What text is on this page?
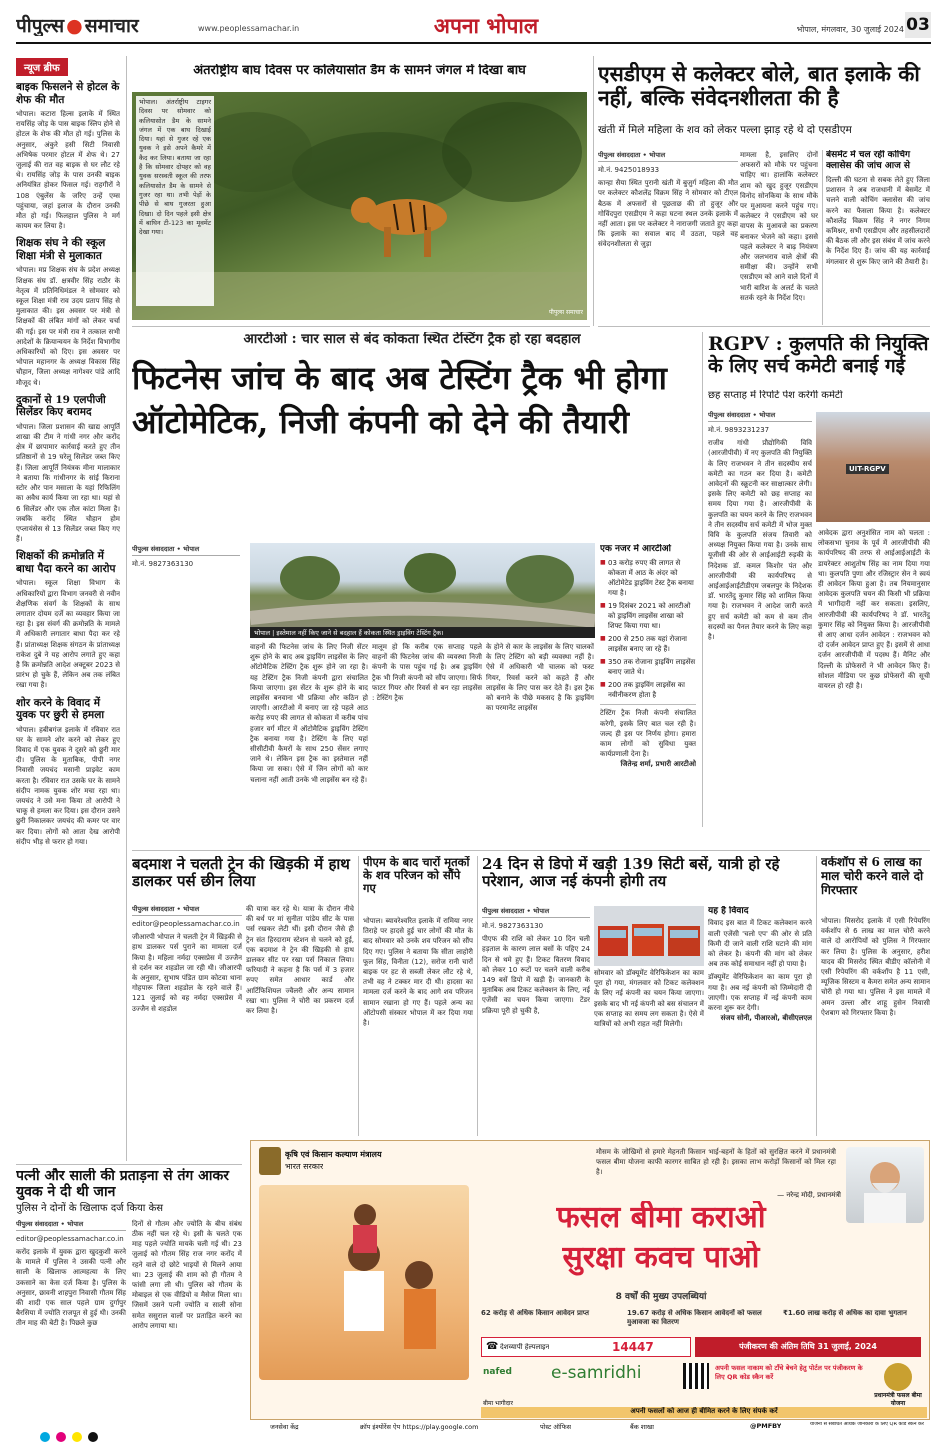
पीपुल्स ● समाचार	www.peoplessamachar.in	अपना भोपाल	भोपाल, मंगलवार, 30 जुलाई 2024 03
न्यूज ब्रीफ
बाइक फिसलने से होटल के शेफ की मौत
भोपाल। कटारा हिल्स इलाके में स्थित रायसिंह जोड़ के पास बाइक स्लिप होने से होटल के शेफ की मौत हो गई। पुलिस के अनुसार, अंकुरे हसी सिटी निवासी अभिषेक परमार होटल में शेफ थे। 27 जुलाई की रात वह बाइक से घर लौट रहे थे। रायसिंह जोड़ के पास उनकी बाइक अनियंत्रित होकर फिसल गई। राहगीरों ने 108 एंबुलेंस के जरिए उन्हें एम्स पहुंचाया, जहां इलाज के दौरान उनकी मौत हो गई। फिलहाल पुलिस ने मर्ग कायम कर लिया है।
शिक्षक संघ ने की स्कूल शिक्षा मंत्री से मुलाकात
भोपाल। मप्र शिक्षक संघ के प्रदेश अध्यक्ष शिक्षक संघ डॉ. क्षत्रवीर सिंह राठौर के नेतृत्व में प्रतिनिधिमंडल ने सोमवार को स्कूल शिक्षा मंत्री राव उदय प्रताप सिंह से मुलाकात की। इस अवसर पर मंत्री से शिक्षकों की लंबित मांगों को लेकर चर्चा की गई। इस पर मंत्री राव ने तत्काल सभी आदेशों के क्रियान्वयन के निर्देश विभागीय अधिकारियों को दिए। इस अवसर पर भोपाल महानगर के अध्यक्ष विकास सिंह चौहान, जिला अध्यक्ष नागेश्वर पांडे आदि मौजूद थे।
दुकानों से 19 एलपीजी सिलेंडर किए बरामद
भोपाल। जिला प्रशासन की खाद्य आपूर्ति शाखा की टीम ने गांधी नगर और करोंद क्षेत्र में छापामार कार्रवाई करते हुए तीन प्रतिष्ठानों से 19 घरेलू सिलेंडर जब्त किए हैं। जिला आपूर्ति नियंत्रक मीना मालाकार ने बताया कि गांधीनगर के सांई किराना स्टोर और पान मसाला के यहां रिफिलिंग का अवैध कार्य किया जा रहा था। यहां से 6 सिलेंडर और एक तौल कांटा मिला है। जबकि करोंद स्थित चौहान होम एप्लायंसेस से 13 सिलेंडर जब्त किए गए हैं।
शिक्षकों की क्रमोन्नति में बाधा पैदा करने का आरोप
भोपाल। स्कूल शिक्षा विभाग के अधिकारियों द्वारा विभाग जनवरी से नवीन शैक्षणिक संवर्ग के शिक्षकों के साथ लगातार दोयम दर्जे का व्यवहार किया जा रहा है। इस संवर्ग की क्रमोन्नति के मामले में अधिकारी लगातार बाधा पैदा कर रहे हैं। प्रांताध्यक्ष शिक्षक संगठन के प्रांताध्यक्ष राकेश दुबे ने यह आरोप लगाते हुए कहा है कि क्रमोन्नति आदेश अक्टूबर 2023 से प्रारंभ हो चुके हैं, लेकिन अब तक लंबित रखा गया है।
शोर करने के विवाद में युवक पर छुरी से हमला
भोपाल। हबीबगंज इलाके में रविवार रात घर के सामने शोर करने को लेकर हुए विवाद में एक युवक ने दूसरे को छुरी मार दी। पुलिस के मुताबिक, पीपी नगर निवासी जयचंद मसानी प्राइवेट काम करता है। रविवार रात उसके घर के सामने संदीप नामक युवक शोर मचा रहा था। जयचंद ने उसे मना किया तो आरोपी ने चाकू से हमला कर दिया। इस दौरान उसने छुरी निकालकर जयचंद की कमर पर वार कर दिया। लोगों को आता देख आरोपी संदीप भीड़ से फरार हो गया।
अंतर्राष्ट्रीय बाघ दिवस पर कलियासोत डैम के सामने जंगल में दिखा बाघ
भोपाल। अंतर्राष्ट्रीय टाइगर दिवस पर सोमवार को कलियासोत डैम के सामने जंगल में एक बाघ दिखाई दिया। यहां से गुजर रहे एक युवक ने इसे अपने कैमरे में कैद कर लिया। बताया जा रहा है कि सोमवार दोपहर को वह युवक सरस्वती स्कूल की तरफ कलियासोत डैम के सामने से गुजर रहा था। तभी पेड़ों के पीछे से बाघ गुजरता हुआ दिखा। दो दिन पहले इसी क्षेत्र में बाघिन टी-123 का मूवमेंट देखा गया।
पीपुल्स समाचार
एसडीएम से कलेक्टर बोले, बात इलाके की नहीं, बल्कि संवेदनशीलता की है
खंती में मिले महिला के शव को लेकर पल्ला झाड़ रहे थे दो एसडीएम
पीपुल्स संवाददाता • भोपाल
मो.नं. 9425018933
कान्हा सैया स्थित पुरानी खंती में बुजुर्ग महिला की मौत पर कलेक्टर कौशलेंद्र विक्रम सिंह ने सोमवार को टीएल बैठक में अफसरों से पूछताछ की तो हुजूर और गोविंदपुरा एसडीएम ने कहा घटना स्थल उनके इलाके में नहीं आता। इस पर कलेक्टर ने नाराजगी जताते हुए कहा कि इलाके का सवाल बाद में उठता, पहले वह संवेदनशीलता से जुड़ा
मामला है, इसलिए दोनों अफसरों को मौके पर पहुंचना चाहिए था। हालांकि कलेक्टर शाम को खुद हुजूर एसडीएम विनोद सोनकिया के साथ मौके पर मुआयना करने पहुंच गए। कलेक्टर ने एसडीएम को घर वापस के मुआवजे का प्रकरण बनाकर भेजने को कहा। इससे पहले कलेक्टर ने बाढ़ नियंत्रण और जलभराव वाले क्षेत्रों की समीक्षा की। उन्होंने सभी एसडीएम को आने वाले दिनों में भारी बारिश के अलर्ट के चलते सतर्क रहने के निर्देश दिए।
बेसमेंट में चल रहीं कोचिंग क्लासेस की जांच आज से
दिल्ली की घटना से सबक लेते हुए जिला प्रशासन ने अब राजधानी में बेसमेंट में चलने वाली कोचिंग क्लासेस की जांच करने का फैसला किया है। कलेक्टर कौशलेंद्र विक्रम सिंह ने नगर निगम कमिश्नर, सभी एसडीएम और तहसीलदारों की बैठक ली और इस संबंध में जांच करने के निर्देश दिए हैं। जांच की यह कार्रवाई मंगलवार से शुरू किए जाने की तैयारी है।
आरटीओ : चार साल से बंद कोकता स्थित टेस्टिंग ट्रैक हो रहा बदहाल
फिटनेस जांच के बाद अब टेस्टिंग ट्रैक भी होगा ऑटोमेटिक, निजी कंपनी को देने की तैयारी
पीपुल्स संवाददाता • भोपाल
मो.नं. 9827363130
वाहनों की फिटनेस जांच के लिए निजी सेंटर शुरू होने के बाद अब ड्राइविंग लाइसेंस के लिए ऑटोमैटिक टेस्टिंग ट्रैक शुरू होने जा रहा है। यह टेस्टिंग ट्रैक निजी कंपनी द्वारा संचालित किया जाएगा। इस सेंटर के शुरू होने के बाद लाइसेंस बनवाना भी प्रक्रिया और कठिन हो जाएगी। आरटीओ में बनाए जा रहे पहले आठ करोड़ रुपए की लागत से कोकता में करीब पांच हजार वर्ग मीटर में ऑटोमैटिक ड्राइविंग टेस्टिंग ट्रैक बनाया गया है। टेस्टिंग के लिए यहां सीसीटीवी कैमरों के साथ 250 सेंसर लगाए जाने थे। लेकिन इस ट्रैक का इस्तेमाल नहीं किया जा सका। ऐसे में जिन लोगों को कार चलाना नहीं आती उनके भी लाइसेंस बन रहे हैं।
भोपाल | इस्तेमाल नहीं किए जाने से बदहाल हैं कोकता स्थित ड्राइविंग टेस्टिंग ट्रैक।
मालूम हो कि करीब एक सप्ताह पहले वाहनों की फिटनेस जांच की व्यवस्था निजी कंपनी के पास पहुंच गई है। अब ड्राइविंग ट्रैक भी निजी कंपनी को सौंप जाएगा। सिर्फ फाटर गियर और रिवर्स से बन रहा लाइसेंस : टेस्टिंग ट्रैक
के होने से कार के लाइसेंस के लिए चालकों के लिए टेस्टिंग को बड़ी व्यवस्था नहीं है। ऐसे में अधिकारी भी चालक को फस्ट गियर, रिवर्स करने को कहते हैं और लाइसेंस के लिए पास कर देते हैं। इस ट्रैक को बनाने के पीछे मकसद है कि ड्राइविंग का परमानेंट लाइसेंस
एक नजर में आरटीओ
■ 03 करोड़ रुपए की लागत से कोकता में आठ के अंदर को ऑटोमेटेड ड्राइविंग टेस्ट ट्रैक बनाया गया है।
■ 19 दिसंबर 2021 को आरटीओ को ड्राइविंग लाइसेंस शाखा को शिफ्ट किया गया था।
■ 200 से 250 तक यहां रोजाना लाइसेंस बनाए जा रहे हैं।
■ 350 तक रोजाना ड्राइविंग लाइसेंस बनाए जाते थे।
■ 200 तक ड्राइविंग लाइसेंस का नवीनीकरण होता है
टेस्टिंग ट्रैक निजी कंपनी संचालित करेगी, इसके लिए बात चल रही है। जल्द ही इस पर निर्णय होगा। हमारा काम लोगों को सुविधा युक्त कार्यप्रणाली देना है।
जितेन्द्र शर्मा, प्रभारी आरटीओ
RGPV : कुलपति की नियुक्ति के लिए सर्च कमेटी बनाई गई
छह सप्ताह में रिपोर्ट पेश करेगी कमेटी
पीपुल्स संवाददाता • भोपाल
मो.नं. 9893231237
राजीव गांधी प्रौद्योगिकी विवि (आरजीपीवी) में नए कुलपति की नियुक्ति के लिए राजभवन ने तीन सदस्यीय सर्च कमेटी का गठन कर दिया है। कमेटी आवेदनों की स्क्रूटनी कर साक्षात्कार लेगी। इसके लिए कमेटी को छह सप्ताह का समय दिया गया है। आरजीपीवी के कुलपति का चयन करने के लिए राजभवन ने तीन सदस्यीय सर्च कमेटी में भोज मुक्त विवि के कुलपति संजय तिवारी को अध्यक्ष नियुक्त किया गया है। उनके साथ यूजीसी की ओर से आईआईटी रुड़की के निदेशक डॉ. कमल किशोर पंत और आरजीपीवी की कार्यपरिषद से आईआईआईटीडीएम जबलपुर के निदेशक डॉ. भारतेंदु कुमार सिंह को शामिल किया गया है। राजभवन ने आदेश जारी करते हुए सर्च कमेटी को कम से कम तीन सदस्यों का पैनल तैयार करने के लिए कहा है।
UIT-RGPV
आवेदक द्वारा अनुशंसित नाम को चलता : लोकसभा चुनाव के पूर्व में आरजीपीवी की कार्यपरिषद की तरफ से आईआईआईटी के डायरेक्टर आशुतोष सिंह का नाम दिया गया था। कुलपति पुणा और रजिस्ट्रार सेन ने स्वयं ही आवेदन किया हुआ है। तब नियमानुसार आवेदक कुलपति चयन की किसी भी प्रक्रिया में भागीदारी नहीं कर सकता। इसलिए, आरजीपीवी की कार्यपरिषद ने डॉ. भारतेंदु कुमार सिंह को नियुक्त किया है। आरजीपीवी से आए आधा दर्जन आवेदन : राजभवन को दो दर्जन आवेदन प्राप्त हुए हैं। इसमें से आधा दर्जन आरजीपीवी में पदस्थ हैं। मैनिट और दिल्ली के प्रोफेसरों ने भी आवेदन किए हैं। सोशल मीडिया पर कुछ प्रोफेसरों की सूची वायरल हो रही है।
बदमाश ने चलती ट्रेन की खिड़की में हाथ डालकर पर्स छीन लिया
पीपुल्स संवाददाता • भोपाल
editor@peoplessamachar.co.in
जीआरपी भोपाल ने चलती ट्रेन में खिड़की से हाथ डालकर पर्स पुराने का मामला दर्ज किया है। महिला नर्मदा एक्सप्रेस में उज्जैन से दर्शन कर शहडोल जा रही थी। जीआरपी के अनुसार, सुभाष पंडित ग्राम कोटवा थाना गोहपारू जिला शहडोल के रहने वाले हैं। 121 जुलाई को वह नर्मदा एक्सप्रेस में उज्जैन से शहडोल
की यात्रा कर रहे थे। यात्रा के दौरान नीचे की बर्थ पर मां सुनीता पांडेय सीट के पास पर्स रखकर लेटी थीं। इसी दौरान जैसे ही ट्रेन संत हिरदाराम स्टेशन से चलने को हुई, एक बदमाश ने ट्रेन की खिड़की से हाथ डालकर सीट पर रखा पर्स निकाल लिया। फरियादी ने कहना है कि पर्स में 3 हजार रुपए समेत आधार कार्ड और आर्टिफिशियल ज्वैलरी और अन्य सामान रखा था। पुलिस ने चोरी का प्रकरण दर्ज कर लिया है।
पीएम के बाद चारों मृतकों के शव परिजन को सौंपे गए
भोपाल। ब्यावरेश्वरित इलाके में रामिया नगर तिराहे पर हादसे हुई चार लोगों की मौत के बाद सोमवार को उनके शव परिजन को सौंप दिए गए। पुलिस ने बताया कि सीता लाहोरी फूल सिंह, विनीता (12), सरोज रानी चारों बाइक पर हट से सब्जी लेकर लौट रहे थे, तभी वह ने टक्कर मार दी थी। हादसा का मामला दर्ज करने के बाद आगे शव परिजन सामान रखाना हो गए हैं। पहले अन्य का ऑटोपसी संस्कार भोपाल में कर दिया गया है।
24 दिन से डिपो में खड़ी 139 सिटी बसें, यात्री हो रहे परेशान, आज नई कंपनी होगी तय
पीपुल्स संवाददाता • भोपाल
मो.नं. 9827363130
पीएफ की राशि को लेकर 10 दिन चली हड़ताल के कारण लाल बसों के पहिए 24 दिन से थमे हुए हैं। टिकट वितरण विवाद को लेकर 10 रूटों पर चलने वाली करीब 149 बसें डिपो में खड़ी हैं। जानकारी के मुताबिक अब टिकट कलेक्शन के लिए, नई एजेंसी का चयन किया जाएगा। टेंडर प्रक्रिया पूरी हो चुकी है,
सोमवार को डॉक्यूमेंट वेरिफिकेशन का काम पूरा हो गया, मंगलवार को टिकट कलेक्शन के लिए नई कंपनी का चयन किया जाएगा। इसके बाद भी नई कंपनी को बस संचालन में एक सप्ताह का समय लग सकता है। ऐसे में यात्रियों को अभी राहत नहीं मिलेगी।
यह है विवाद
विवाद इस बात में टिकट कलेक्शन करने वाली एजेंसी 'चलो एप' की ओर से प्रति किमी दी जाने वाली राशि घटाने की मांग को लेकर है। कंपनी की मांग को लेकर अब तक कोई समाधान नहीं हो पाया है।
डॉक्यूमेंट वेरिफिकेशन का काम पूरा हो गया है। अब नई कंपनी को जिम्मेदारी दी जाएगी। एक सप्ताह में नई कंपनी काम करना शुरू कर देगी।
संजय सोनी, पीआरओ, बीसीएलएल
वर्कशॉप से 6 लाख का माल चोरी करने वाले दो गिरफ्तार
भोपाल। मिसरोद इलाके में एसी रिपेयरिंग वर्कशॉप से 6 लाख का माल चोरी करने वाले दो आरोपियों को पुलिस ने गिरफ्तार कर लिया है। पुलिस के अनुसार, हरीश यादव की मिसरोद स्थित बीडीए कॉलोनी में एसी रिपेयरिंग की वर्कशॉप है 11 एसी, म्यूजिक सिस्टम व कैमरा समेत अन्य सामान चोरी हो गया था। पुलिस ने इस मामले में अमन उल्ला और शाहू हुसेन निवासी ऐशबाग को गिरफ्तार किया है।
कृषि एवं किसान कल्याण मंत्रालय
भारत सरकार
मौसम के जोखिमों से हमारे मेहनती किसान भाई-बहनों के हितों को सुरक्षित करने में प्रधानमंत्री फसल बीमा योजना काफी कारगर साबित हो रही है। इसका लाभ करोड़ों किसानों को मिल रहा है।
— नरेन्द्र मोदी, प्रधानमंत्री
फसल बीमा कराओ
सुरक्षा कवच पाओ
8 वर्षों की मुख्य उपलब्धियां
62 करोड़ से अधिक किसान आवेदन प्राप्त	19.67 करोड़ से अधिक किसान आवेदनों को फसल मुआवजा का वितरण
₹1.60 लाख करोड़ से अधिक का दावा भुगतान
☎ देशव्यापी हेल्पलाइन	14447	पंजीकरण की अंतिम तिथि 31 जुलाई, 2024
nafed e-samridhi	अपनी फसल नाकाम को टाँचे बेचने हेतु पोर्टल पर पंजीकरण के लिए QR कोड स्कैन करें
प्रधानमंत्री फसल बीमा योजना
बीमा भागीदार
अपनी फसलों को आज ही बीमित करने के लिए संपर्क करें
जनसेवा केंद्र	क्रॉप इंश्योरेंस ऐप https://play.google.com	पोस्ट ऑफिस	बैंक शाखा	@PMFBY	योजना से संबंधित अधिक जानकारी के लिए QR कोड स्कैन करें
पत्नी और साली की प्रताड़ना से तंग आकर युवक ने दी थी जान
पुलिस ने दोनों के खिलाफ दर्ज किया केस
पीपुल्स संवाददाता • भोपाल
editor@peoplessamachar.co.in
करोंद इलाके में युवक द्वारा खुदकुशी करने के मामले में पुलिस ने उसकी पत्नी और साली के खिलाफ आत्महत्या के लिए उकसाने का केस दर्ज किया है। पुलिस के अनुसार, छावनी शाहपुरा निवासी गौतम सिंह की शादी एक साल पहले ग्राम दुर्गापुर बैरसिया में ज्योति राजपूत से हुई थी। उनकी तीन माह की बेटी है। पिछले कुछ
दिनों से गौतम और ज्योति के बीच संबंध ठीक नहीं चल रहे थे। इसी के चलते एक माह पहले ज्योति मायके चली गई थी। 23 जुलाई को गौतम सिंह राज नगर करोंद में रहने वाले दो छोटे भाइयों से मिलने आया था। 23 जुलाई की शाम को ही गौतम ने फांसी लगा ली थी। पुलिस को गौतम के मोबाइल से एक वीडियो व मैसेज मिला था। जिसमें उसने पत्नी ज्योति व साली सोना समेत ससुराल वालों पर प्रताड़ित करने का आरोप लगाया था।
